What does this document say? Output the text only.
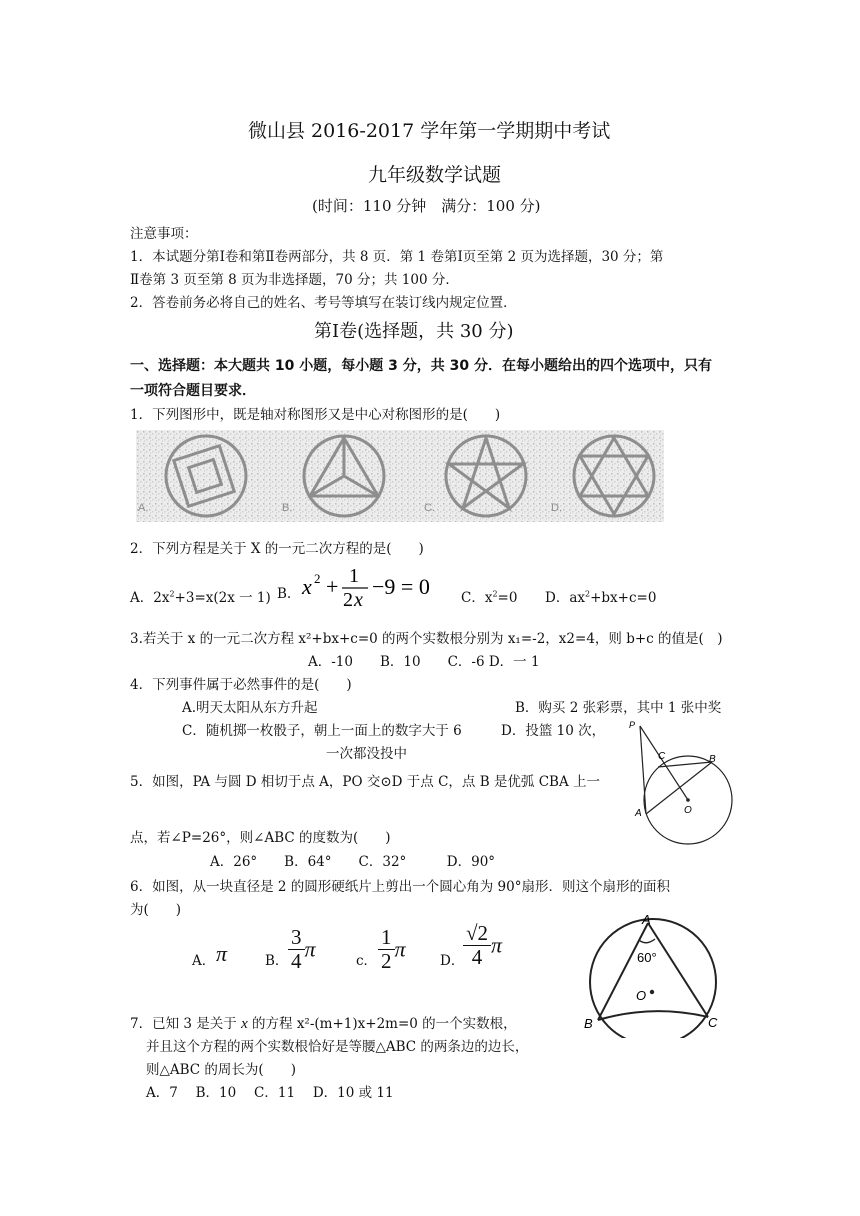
微山县 2016-2017 学年第一学期期中考试
九年级数学试题
(时间：110 分钟　满分：100 分)
注意事项：
1．本试题分第Ⅰ卷和第Ⅱ卷两部分，共 8 页．第 1 卷第Ⅰ页至第 2 页为选择题，30 分；第
Ⅱ卷第 3 页至第 8 页为非选择题，70 分；共 100 分．
2．答卷前务必将自己的姓名、考号等填写在装订线内规定位置．
第Ⅰ卷(选择题，共 30 分)
一、选择题：本大题共 10 小题，每小题 3 分，共 30 分．在每小题给出的四个选项中，只有
一项符合题目要求．
1．下列图形中，既是轴对称图形又是中心对称图形的是(　　)
A.	B.	C.	D.
2．下列方程是关于 X 的一元二次方程的是(　　)
A．$2x^2+3=x(2x$ 一 1) B. x 2 + 1
2 x
−9 = 0 C．$x^2=0$ D．$ax^2+bx+c=0$
3.若关于 x 的一元二次方程 x²+bx+c=0 的两个实数根分别为 x₁=-2，x2=4，则 b+c 的值是(　)
A．-10　　B．10　　C．-6 D．一 1
4．下列事件属于必然事件的是(　　)
A.明天太阳从东方升起	B．购买 2 张彩票，其中 1 张中奖
C．随机掷一枚骰子，朝上一面上的数字大于 6	D．投篮 10 次，
一次都没投中
P
C	B
A	O
5．如图，PA 与圆 D 相切于点 A，PO 交⊙D 于点 C，点 B 是优弧 CBA 上一
点，若∠P=26°，则∠ABC 的度数为(　　)
A．26°　　B．64°　　C．32°　　　D．90°
6．如图，从一块直径是 2 的圆形硬纸片上剪出一个圆心角为 90°扇形．则这个扇形的面积
为(　　)
A． π	B． $\frac{3}{4}$ π	c． $\frac{1}{2}$ π	D．
$\frac{√2}{4}$ π
A
60°
O
B	C
7．已知 3 是关于 x 的方程 x²-(m+1)x+2m=0 的一个实数根，
并且这个方程的两个实数根恰好是等腰△ABC 的两条边的边长，
则△ABC 的周长为(　　)
A．7　 B．10　 C．11　 D．10 或 11
